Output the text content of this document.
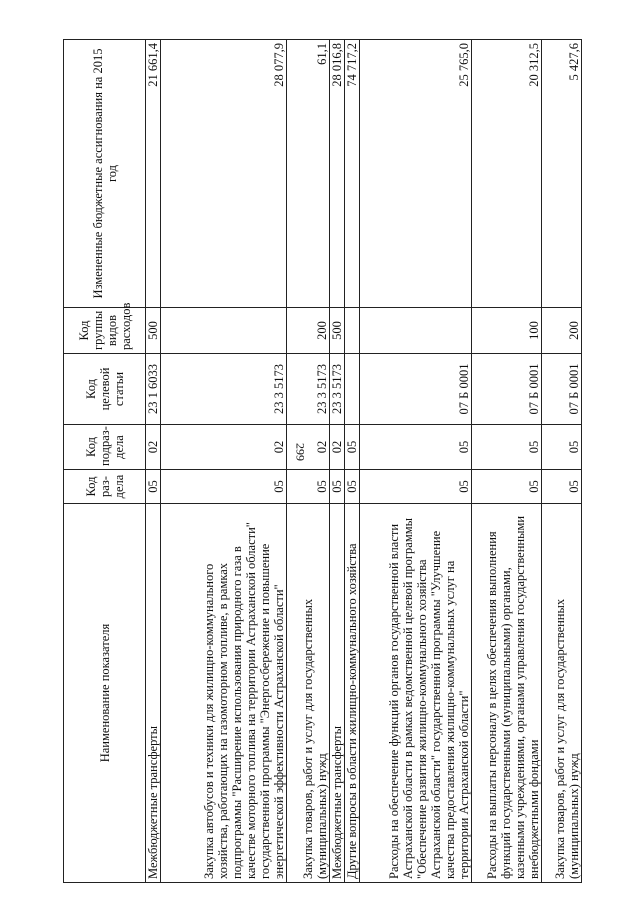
299
Наименование показателя	Код раз-дела	Код подраз-дела	Код целевой статьи	Код группы видов расходов	Измененные бюджетные ассигнования на 2015 год
Межбюджетные трансферты	05	02	23 1 6033	500	21 661,4
Закупка автобусов и техники для жилищно-коммунального хозяйства, работающих на газомоторном топливе, в рамках подпрограммы "Расширение использования природного газа в качестве моторного топлива на территории Астраханской области" государственной программы "Энергосбережение и повышение энергетической эффективности Астраханской области"	05	02	23 3 5173		28 077,9
Закупка товаров, работ и услуг для государственных (муниципальных) нужд	05	02	23 3 5173	200	61,1
Межбюджетные трансферты	05	02	23 3 5173	500	28 016,8
Другие вопросы в области жилищно-коммунального хозяйства	05	05			74 717,2
Расходы на обеспечение функций органов государственной власти Астраханской области в рамках ведомственной целевой программы "Обеспечение развития жилищно-коммунального хозяйства Астраханской области" государственной программы "Улучшение качества предоставления жилищно-коммунальных услуг на территории Астраханской области"	05	05	07 Б 0001		25 765,0
Расходы на выплаты персоналу в целях обеспечения выполнения функций государственными (муниципальными) органами, казенными учреждениями, органами управления государственными внебюджетными фондами	05	05	07 Б 0001	100	20 312,5
Закупка товаров, работ и услуг для государственных (муниципальных) нужд	05	05	07 Б 0001	200	5 427,6
